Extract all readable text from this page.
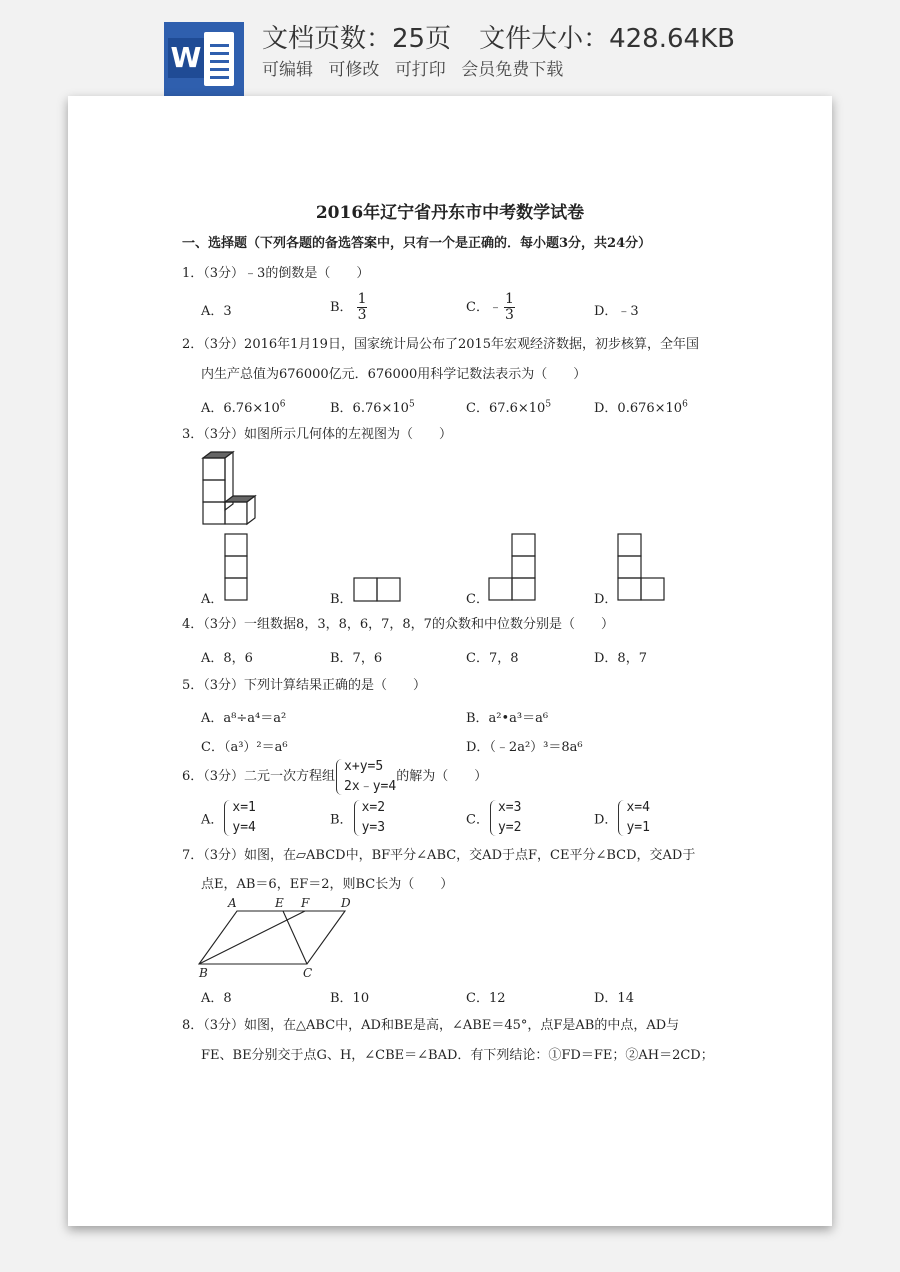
W
文档页数：25页 文件大小：428.64KB
可编辑 可修改 可打印 会员免费下载
2016年辽宁省丹东市中考数学试卷
一、选择题（下列各题的备选答案中，只有一个是正确的．每小题3分，共24分）
1．（3分）﹣3的倒数是（　　）
A．3	B． $\frac{1}{3}$	C．﹣ $\frac{1}{3}$	D．﹣3
2．（3分）2016年1月19日，国家统计局公布了2015年宏观经济数据，初步核算，全年国
内生产总值为676000亿元．676000用科学记数法表示为（　　）
A．$6.76\times 10^6$	B．$6.76\times 10^5$	C．$67.6\times 10^5$	D．$0.676\times 10^6$
3．（3分）如图所示几何体的左视图为（　　）
A．	B．	C．	D．
4．（3分）一组数据8，3，8，6，7，8，7的众数和中位数分别是（　　）
A．8，6	B．7，6	C．7，8	D．8，7
5．（3分）下列计算结果正确的是（　　）
A．a⁸÷a⁴＝a²	B．a²•a³＝a⁶
C．（a³）²＝a⁶	D．（﹣2a²）³＝8a⁶
6．（3分）二元一次方程组
x+y=5
2x﹣y=4
的解为（　　）
A．
x=1
y=4	B．
x=2
y=3	C．
x=3
y=2	D．
x=4
y=1
7．（3分）如图，在▱ABCD中，BF平分∠ABC，交AD于点F，CE平分∠BCD，交AD于
点E，AB＝6，EF＝2，则BC长为（　　）
A	E F	D
B	C
A．8	B．10	C．12	D．14
8．（3分）如图，在△ABC中，AD和BE是高，∠ABE＝45°，点F是AB的中点，AD与
FE、BE分别交于点G、H，∠CBE＝∠BAD．有下列结论：①FD＝FE；②AH＝2CD；
